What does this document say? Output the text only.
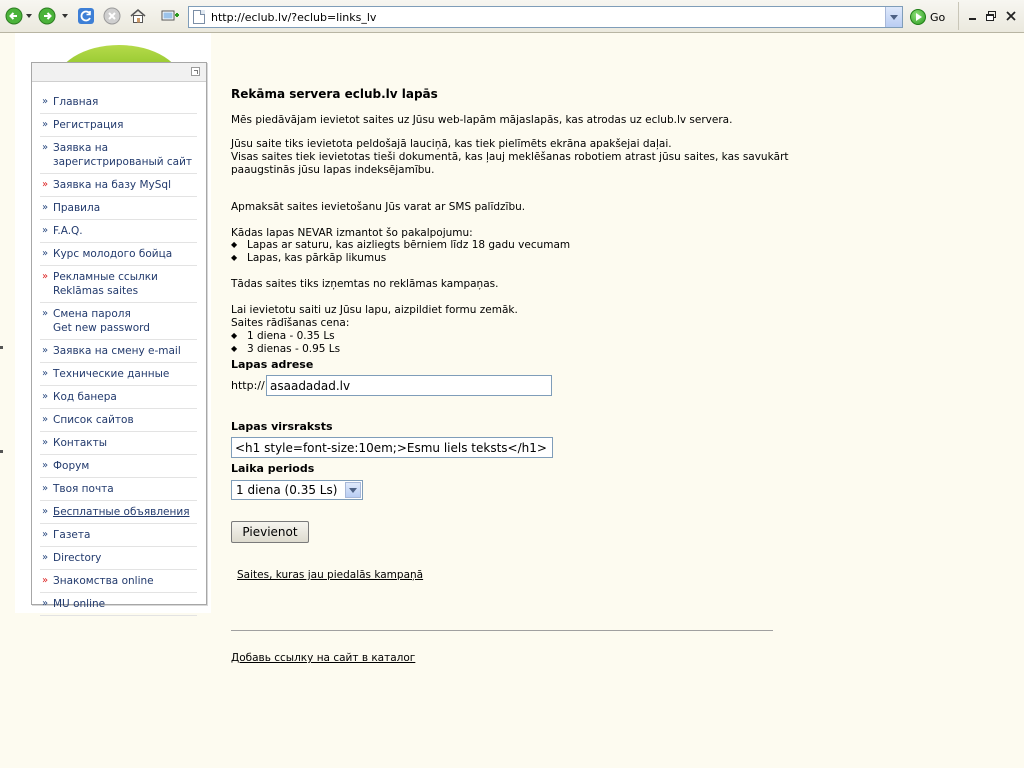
http://eclub.lv/?eclub=links_lv
Go
» Главная
» Регистрация
» Заявка на
зарегистрированый сайт
» Заявка на базу MySql
» Правила
» F.A.Q.
» Курс молодого бойца
» Рекламные ссылки
Reklāmas saites
» Смена пароля
Get new password
» Заявка на смену e-mail
» Технические данные
» Код банера
» Список сайтов
» Контакты
» Форум
» Твоя почта
» Бесплатные объявления
» Газета
» Directory
» Знакомства online
» MU online
Rekāma servera eclub.lv lapās
Mēs piedāvājam ievietot saites uz Jūsu web-lapām mājaslapās, kas atrodas uz eclub.lv servera.
Jūsu saite tiks ievietota peldošajā lauciņā, kas tiek pielīmēts ekrāna apakšejai daļai.
Visas saites tiek ievietotas tieši dokumentā, kas ļauj meklēšanas robotiem atrast jūsu saites, kas savukārt
paaugstinās jūsu lapas indeksējamību.
Apmaksāt saites ievietošanu Jūs varat ar SMS palīdzību.
Kādas lapas NEVAR izmantot šo pakalpojumu:
◆ Lapas ar saturu, kas aizliegts bērniem līdz 18 gadu vecumam
◆ Lapas, kas pārkāp likumus
Tādas saites tiks izņemtas no reklāmas kampaņas.
Lai ievietotu saiti uz Jūsu lapu, aizpildiet formu zemāk.
Saites rādīšanas cena:
◆ 1 diena - 0.35 Ls
◆ 3 dienas - 0.95 Ls
Lapas adrese
http://
asaadadad.lv
Lapas virsraksts
<h1 style=font-size:10em;>Esmu liels teksts</h1>
Laika periods
1 diena (0.35 Ls)
Pievienot
Saites, kuras jau piedalās kampaņā
Добавь ссылку на сайт в каталог
